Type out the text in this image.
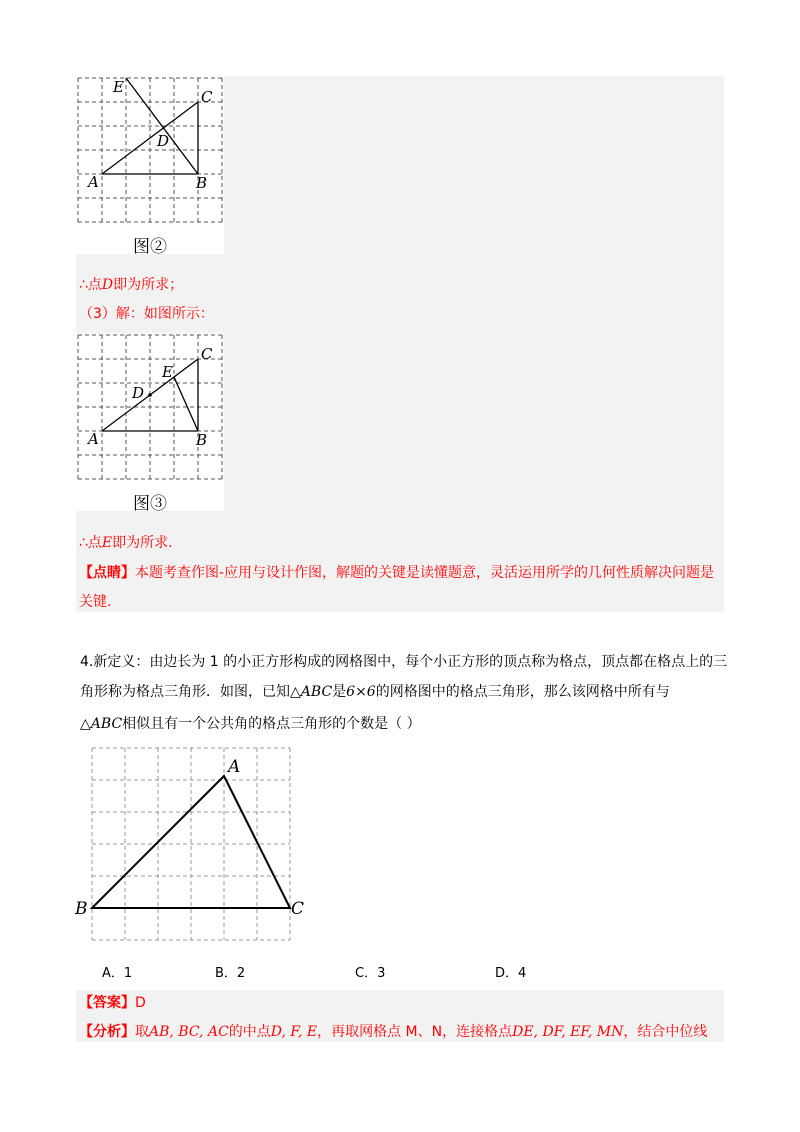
E
C
D
A	B
图②
∴点D即为所求；
（3）解：如图所示：
E
C
D
A	B
图③
∴点E即为所求.
【点睛】本题考查作图-应用与设计作图，解题的关键是读懂题意，灵活运用所学的几何性质解决问题是
关键.
4.新定义：由边长为 1 的小正方形构成的网格图中，每个小正方形的顶点称为格点，顶点都在格点上的三
角形称为格点三角形．如图，已知△ABC是6×6的网格图中的格点三角形，那么该网格中所有与
△ABC相似且有一个公共角的格点三角形的个数是（ ）
A
B	C
A．1	B．2	C．3	D．4
【答案】D
【分析】取AB, BC, AC的中点D, F, E，再取网格点 M、N，连接格点DE, DF, EF, MN，结合中位线
